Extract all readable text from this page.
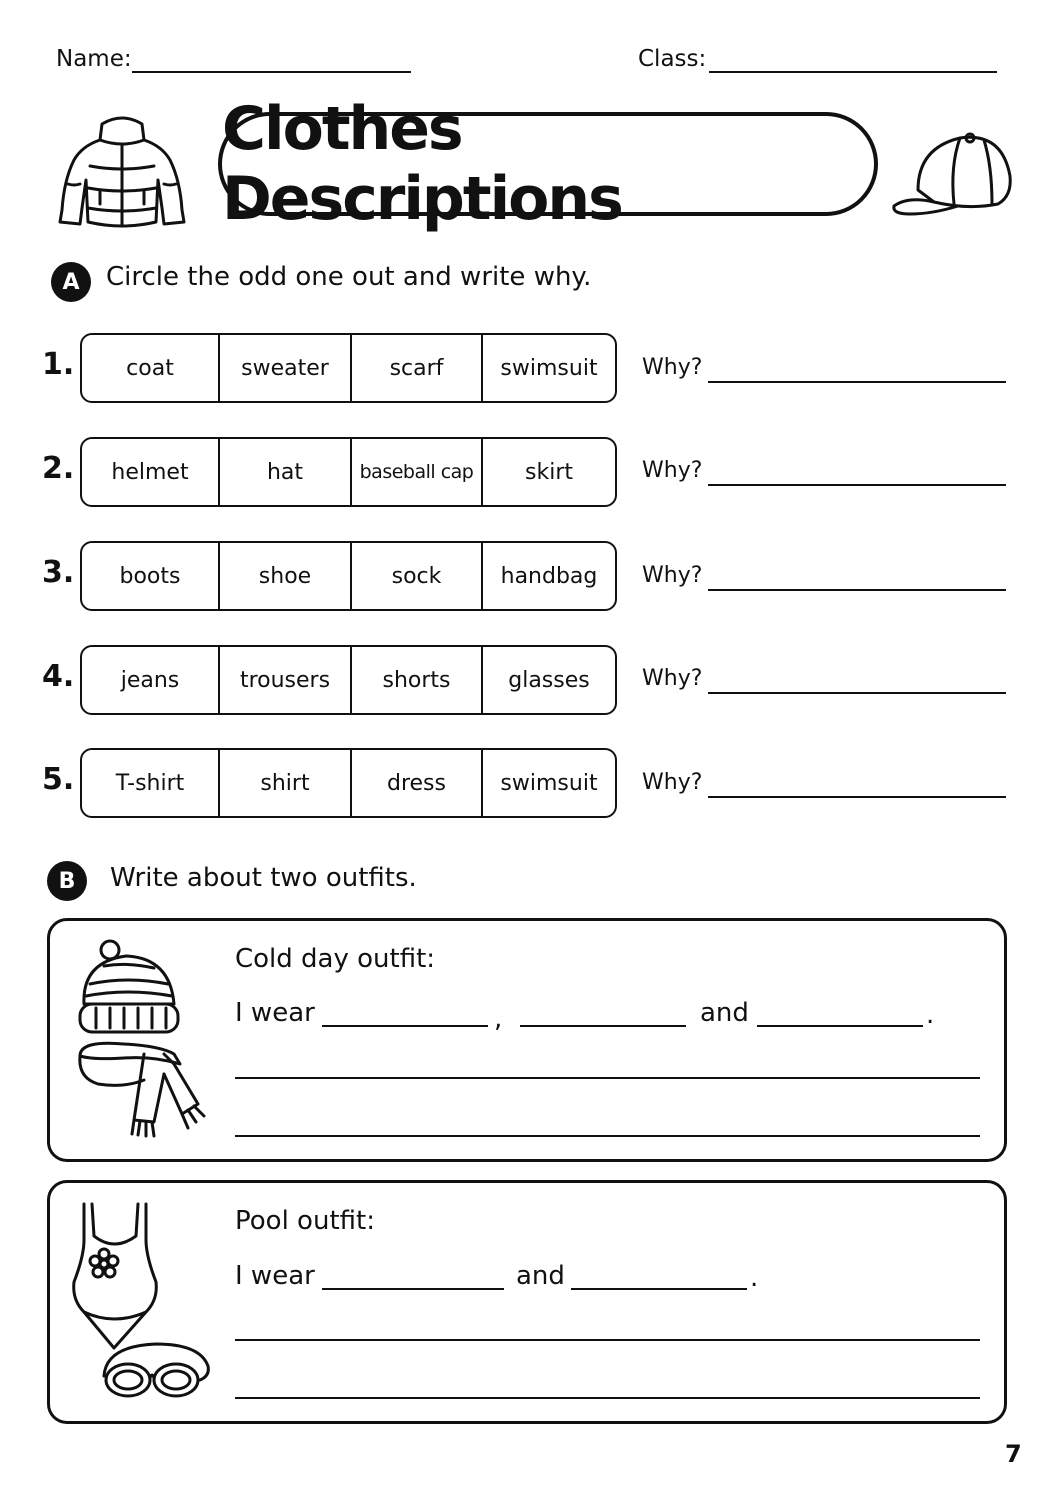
Name:	Class:
Clothes Descriptions
A	Circle the odd one out and write why.
1.	coat	sweater	scarf	swimsuit	Why?
2.	helmet	hat	baseball cap	skirt	Why?
3.	boots	shoe	sock	handbag	Why?
4.	jeans	trousers	shorts	glasses	Why?
5.	T-shirt	shirt	dress	swimsuit	Why?
B	Write about two outfits.
Cold day outfit:
I wear	,	and	.
Pool outfit:
I wear	and	.
7
